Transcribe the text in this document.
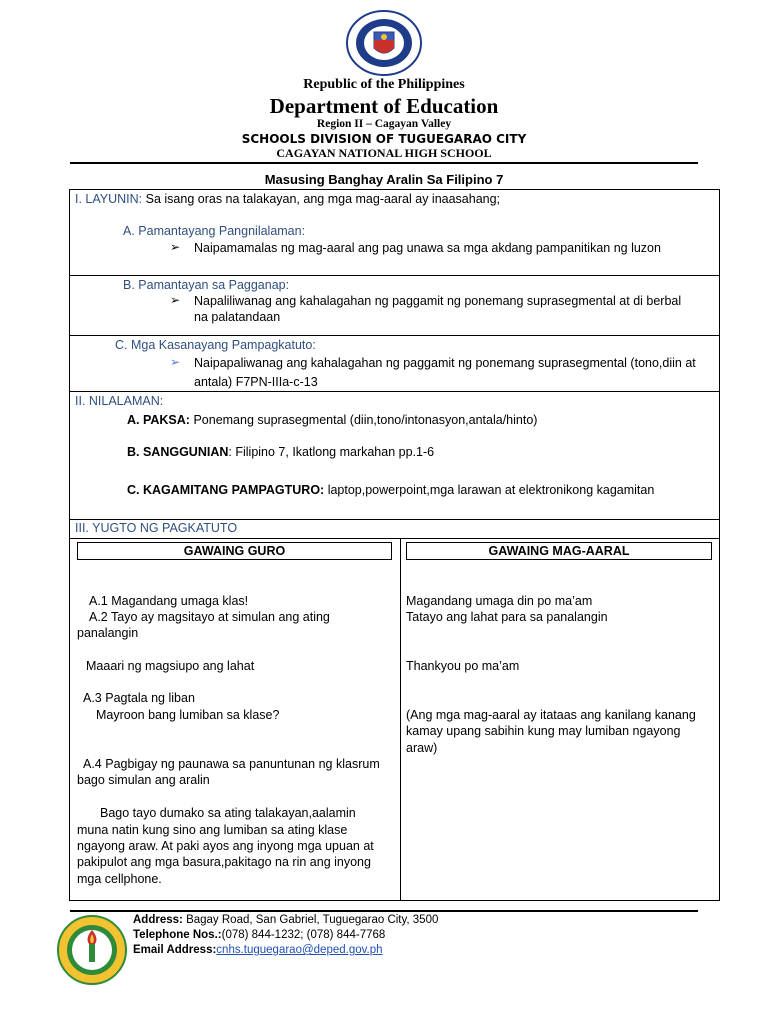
Republic of the Philippines
Department of Education
Region II – Cagayan Valley
SCHOOLS DIVISION OF TUGUEGARAO CITY
CAGAYAN NATIONAL HIGH SCHOOL
Masusing Banghay Aralin Sa Filipino 7
I. LAYUNIN: Sa isang oras na talakayan, ang mga mag-aaral ay inaasahang;
A. Pamantayang Pangnilalaman:
➢ Naipamamalas ng mag-aaral ang pag unawa sa mga akdang pampanitikan ng luzon
B. Pamantayan sa Pagganap:
➢ Napaliliwanag ang kahalagahan ng paggamit ng ponemang suprasegmental at di berbal
na palatandaan
C. Mga Kasanayang Pampagkatuto:
➢ Naipapaliwanag ang kahalagahan ng paggamit ng ponemang suprasegmental (tono,diin at
antala) F7PN-IIIa-c-13
II. NILALAMAN:
A. PAKSA: Ponemang suprasegmental (diin,tono/intonasyon,antala/hinto)
B. SANGGUNIAN: Filipino 7, Ikatlong markahan pp.1-6
C. KAGAMITANG PAMPAGTURO: laptop,powerpoint,mga larawan at elektronikong kagamitan
III. YUGTO NG PAGKATUTO
GAWAING GURO	GAWAING MAG-AARAL
A.1 Magandang umaga klas!
A.2 Tayo ay magsitayo at simulan ang ating
panalangin
Maaari ng magsiupo ang lahat
A.3 Pagtala ng liban
Mayroon bang lumiban sa klase?
A.4 Pagbigay ng paunawa sa panuntunan ng klasrum
bago simulan ang aralin
Bago tayo dumako sa ating talakayan,aalamin
muna natin kung sino ang lumiban sa ating klase
ngayong araw. At paki ayos ang inyong mga upuan at
pakipulot ang mga basura,pakitago na rin ang inyong
mga cellphone.
Magandang umaga din po ma’am
Tatayo ang lahat para sa panalangin
Thankyou po ma’am
(Ang mga mag-aaral ay itataas ang kanilang kanang
kamay upang sabihin kung may lumiban ngayong
araw)
Address: Bagay Road, San Gabriel, Tuguegarao City, 3500
Telephone Nos.:(078) 844-1232; (078) 844-7768
Email Address:cnhs.tuguegarao@deped.gov.ph
